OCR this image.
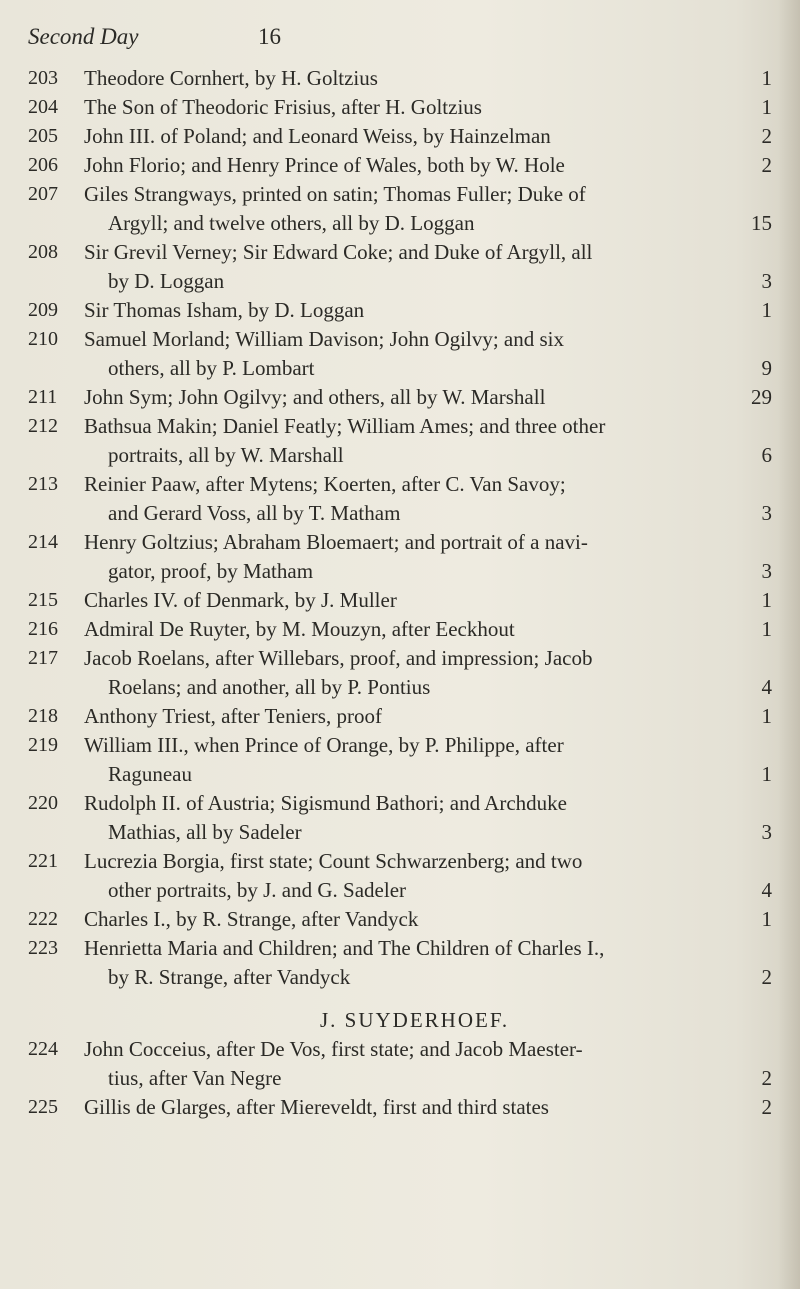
Second Day	16
203	Theodore Cornhert, by H. Goltzius	1
204	The Son of Theodoric Frisius, after H. Goltzius	1
205	John III. of Poland; and Leonard Weiss, by Hainzelman	2
206	John Florio; and Henry Prince of Wales, both by W. Hole	2
207	Giles Strangways, printed on satin; Thomas Fuller; Duke of
Argyll; and twelve others, all by D. Loggan	15
208	Sir Grevil Verney; Sir Edward Coke; and Duke of Argyll, all
by D. Loggan	3
209	Sir Thomas Isham, by D. Loggan	1
210	Samuel Morland; William Davison; John Ogilvy; and six
others, all by P. Lombart	9
211	John Sym; John Ogilvy; and others, all by W. Marshall	29
212	Bathsua Makin; Daniel Featly; William Ames; and three other
portraits, all by W. Marshall	6
213	Reinier Paaw, after Mytens; Koerten, after C. Van Savoy;
and Gerard Voss, all by T. Matham	3
214	Henry Goltzius; Abraham Bloemaert; and portrait of a navi-
gator, proof, by Matham	3
215	Charles IV. of Denmark, by J. Muller	1
216	Admiral De Ruyter, by M. Mouzyn, after Eeckhout	1
217	Jacob Roelans, after Willebars, proof, and impression; Jacob
Roelans; and another, all by P. Pontius	4
218	Anthony Triest, after Teniers, proof	1
219	William III., when Prince of Orange, by P. Philippe, after
Raguneau	1
220	Rudolph II. of Austria; Sigismund Bathori; and Archduke
Mathias, all by Sadeler	3
221	Lucrezia Borgia, first state; Count Schwarzenberg; and two
other portraits, by J. and G. Sadeler	4
222	Charles I., by R. Strange, after Vandyck	1
223	Henrietta Maria and Children; and The Children of Charles I.,
by R. Strange, after Vandyck	2
J. SUYDERHOEF.
224	John Cocceius, after De Vos, first state; and Jacob Maester-
tius, after Van Negre	2
225	Gillis de Glarges, after Miereveldt, first and third states	2
